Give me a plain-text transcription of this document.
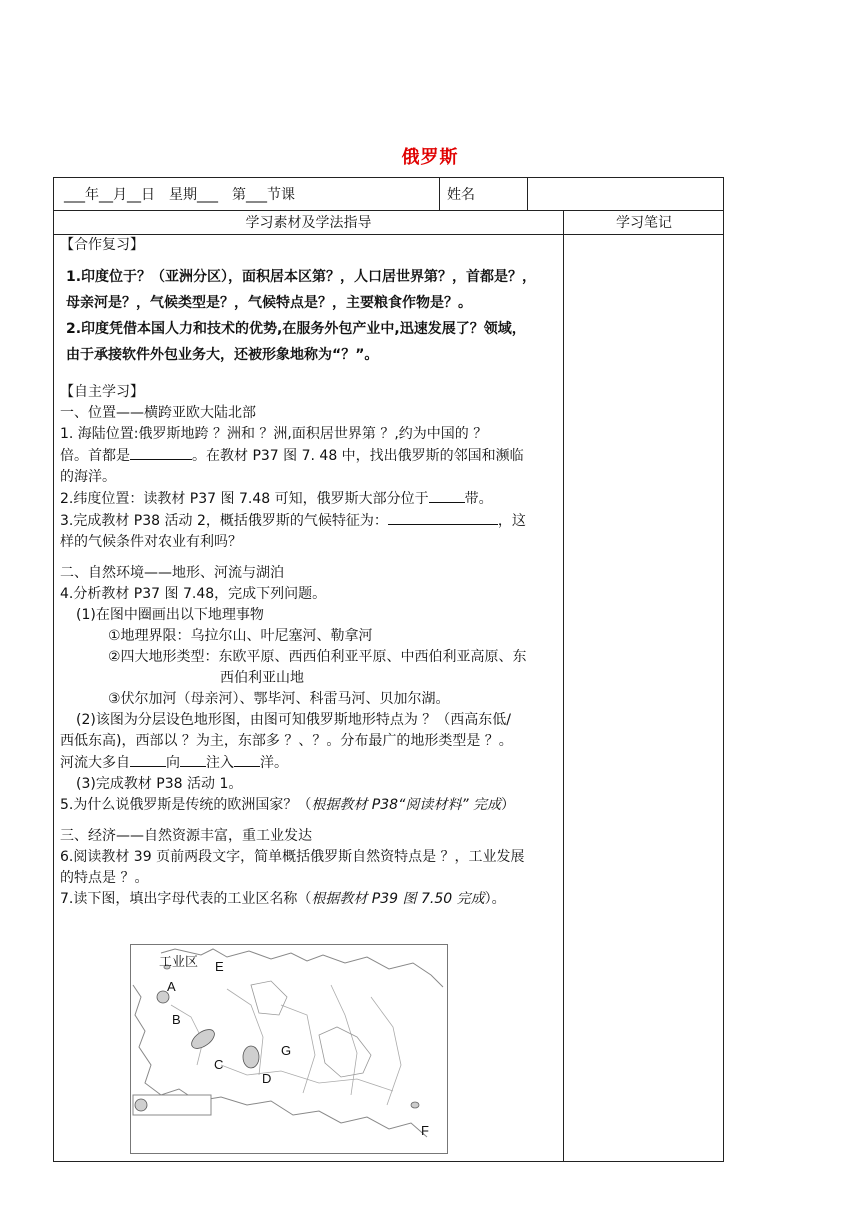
俄罗斯
___年__月__日　星期___　第___节课	姓名
学习素材及学法指导	学习笔记

【合作复习】

1.印度位于？（亚洲分区），面积居本区第？，人口居世界第？，首都是？，

母亲河是？，气候类型是？，气候特点是？，主要粮食作物是？。

2.印度凭借本国人力和技术的优势,在服务外包产业中,迅速发展了？领域，

由于承接软件外包业务大，还被形象地称为“？”。

【自主学习】

一、位置——横跨亚欧大陆北部

1. 海陆位置:俄罗斯地跨 ？洲和 ？洲,面积居世界第 ？,约为中国的 ？

倍。首都是	。在教材 P37 图 7. 48 中，找出俄罗斯的邻国和濒临

的海洋。

2.纬度位置：读教材 P37 图 7.48 可知，俄罗斯大部分位于	带。

3.完成教材 P38 活动 2，概括俄罗斯的气候特征为：	，这

样的气候条件对农业有利吗？

二、自然环境——地形、河流与湖泊

4.分析教材 P37 图 7.48，完成下列问题。

(1)在图中圈画出以下地理事物

①地理界限：乌拉尔山、叶尼塞河、勒拿河

②四大地形类型：东欧平原、西西伯利亚平原、中西伯利亚高原、东

西伯利亚山地

③伏尔加河（母亲河）、鄂毕河、科雷马河、贝加尔湖。

(2)该图为分层设色地形图，由图可知俄罗斯地形特点为 ？（西高东低/

西低东高)，西部以 ？为主，东部多 ？、？。分布最广的地形类型是 ？。

河流大多自	向 注入 洋。

(3)完成教材 P38 活动 1。

5.为什么说俄罗斯是传统的欧洲国家？（根据教材 P38“阅读材料” 完成）

三、经济——自然资源丰富，重工业发达

6.阅读教材 39 页前两段文字，简单概括俄罗斯自然资特点是 ？，工业发展

的特点是 ？。

7.读下图，填出字母代表的工业区名称（根据教材 P39 图 7.50 完成）。

工业区
A
B
C
D
E
F
G
